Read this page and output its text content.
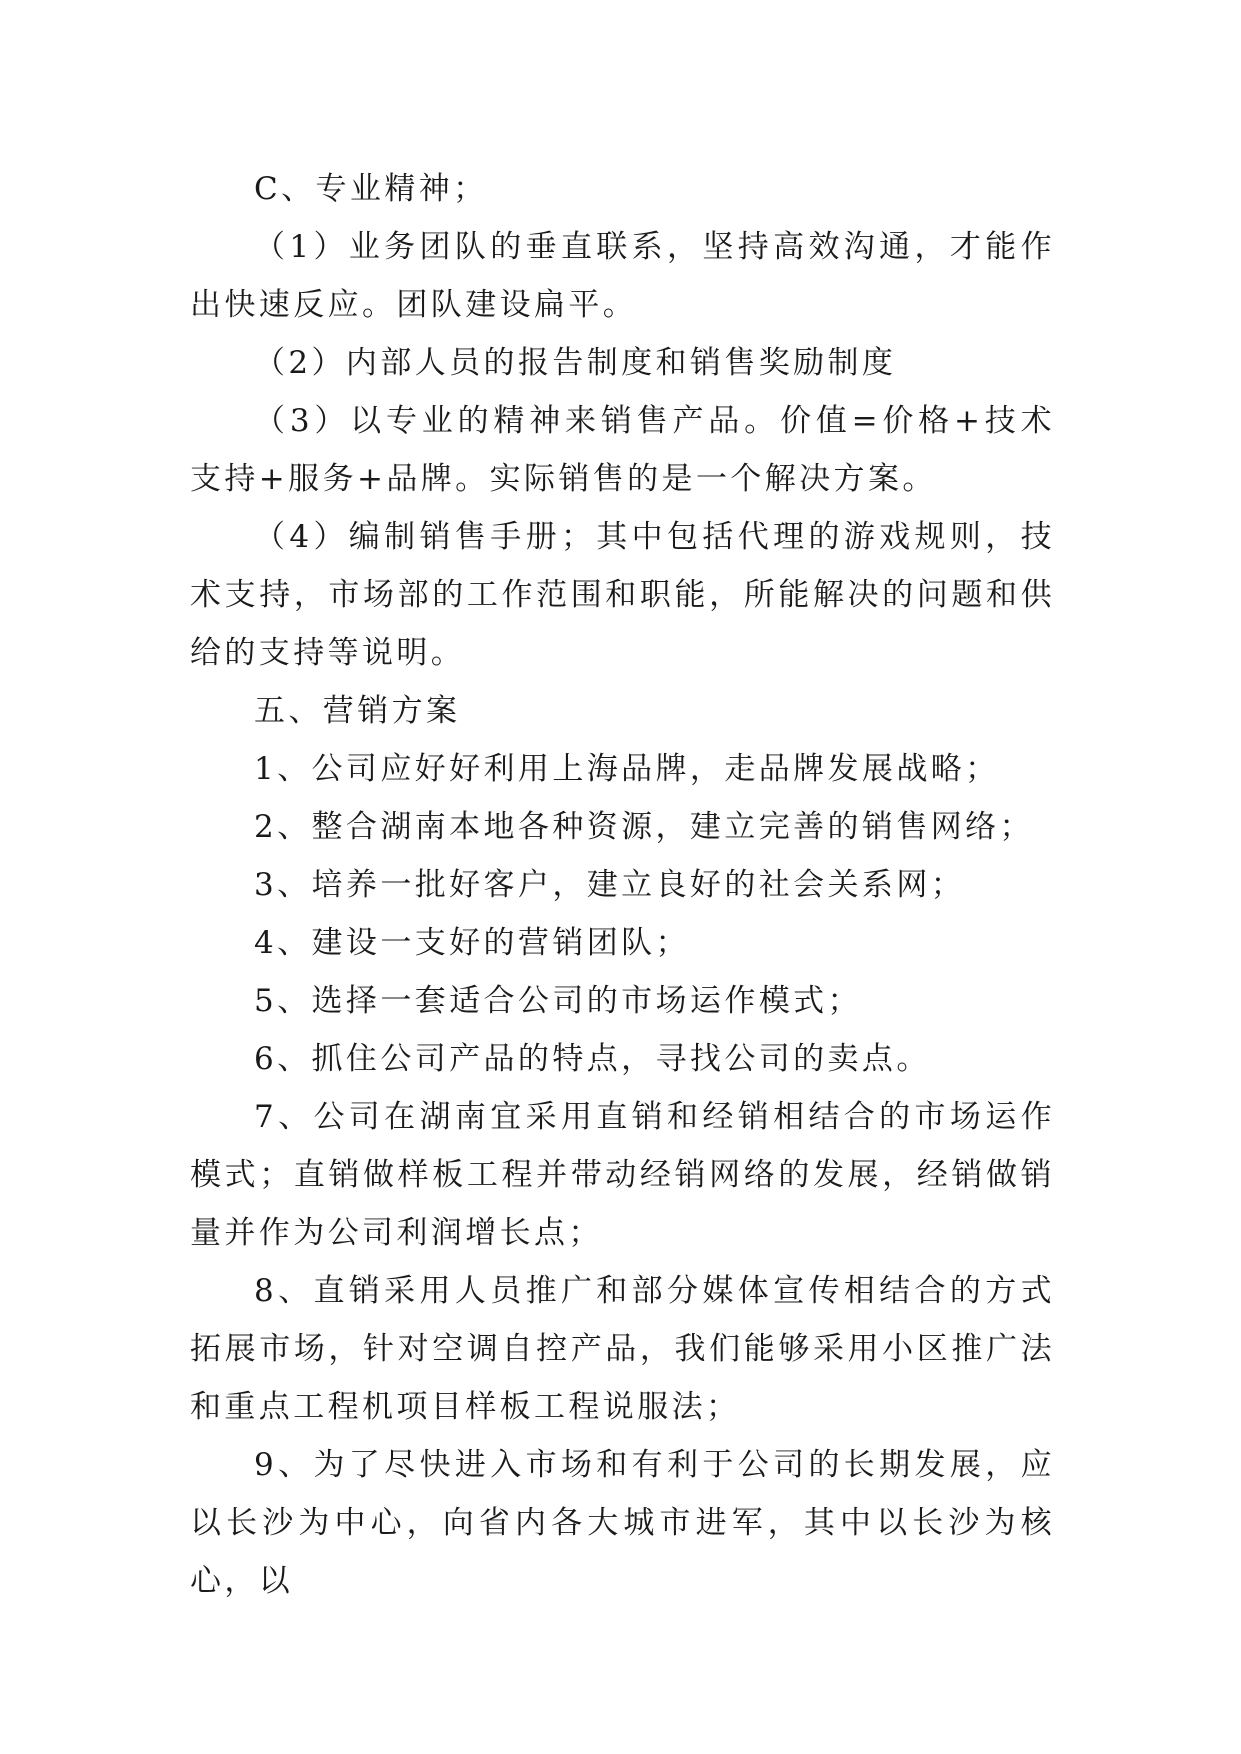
C、专业精神；

（1）业务团队的垂直联系，坚持高效沟通，才能作出快速反应。团队建设扁平。

（2）内部人员的报告制度和销售奖励制度

（3）以专业的精神来销售产品。价值=价格+技术支持+服务+品牌。实际销售的是一个解决方案。

（4）编制销售手册；其中包括代理的游戏规则，技术支持，市场部的工作范围和职能，所能解决的问题和供给的支持等说明。

五、营销方案

1、公司应好好利用上海品牌，走品牌发展战略；

2、整合湖南本地各种资源，建立完善的销售网络；

3、培养一批好客户，建立良好的社会关系网；

4、建设一支好的营销团队；

5、选择一套适合公司的市场运作模式；

6、抓住公司产品的特点，寻找公司的卖点。

7、公司在湖南宜采用直销和经销相结合的市场运作模式；直销做样板工程并带动经销网络的发展，经销做销量并作为公司利润增长点；

8、直销采用人员推广和部分媒体宣传相结合的方式拓展市场，针对空调自控产品，我们能够采用小区推广法和重点工程机项目样板工程说服法；

9、为了尽快进入市场和有利于公司的长期发展，应以长沙为中心，向省内各大城市进军，其中以长沙为核心，以
